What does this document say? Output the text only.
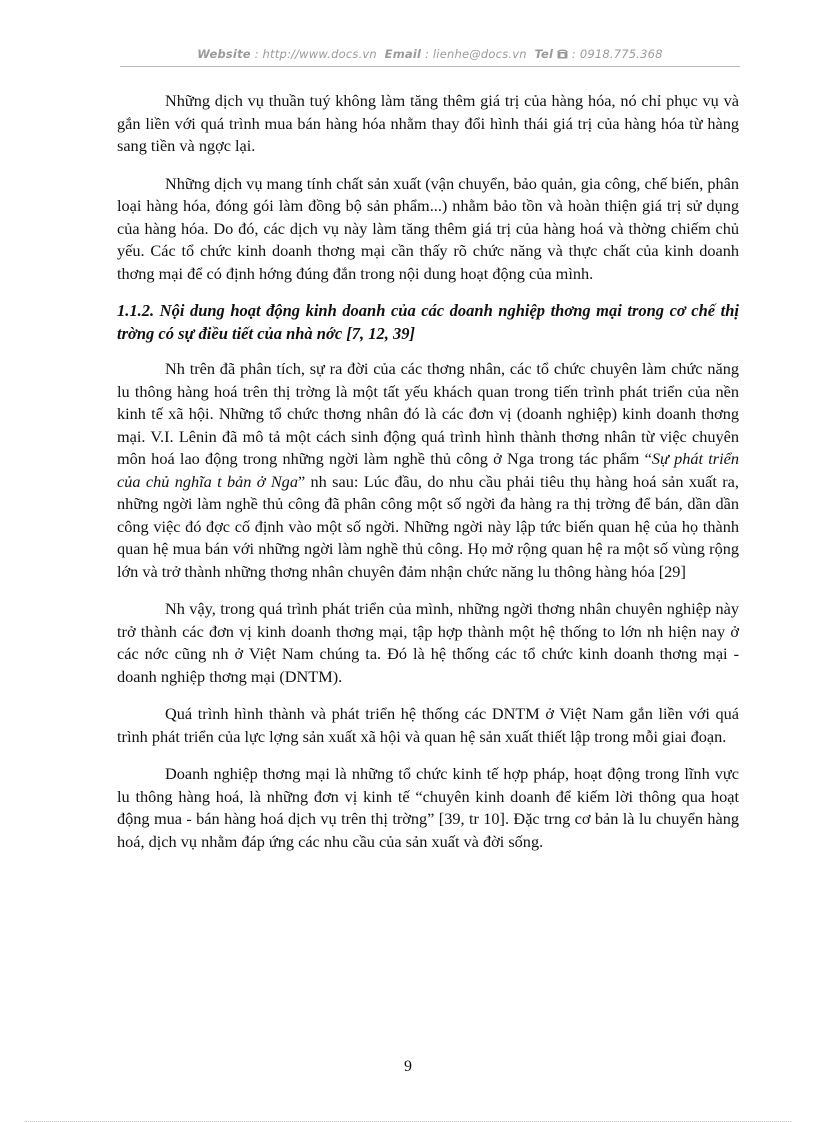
Website : http://www.docs.vn Email : lienhe@docs.vn Tel : 0918.775.368

Những dịch vụ thuần tuý không làm tăng thêm giá trị của hàng hóa, nó chỉ phục vụ và gắn liền với quá trình mua bán hàng hóa nhằm thay đổi hình thái giá trị của hàng hóa từ hàng sang tiền và ngợc lại.

Những dịch vụ mang tính chất sản xuất (vận chuyển, bảo quản, gia công, chế biến, phân loại hàng hóa, đóng gói làm đồng bộ sản phẩm...) nhằm bảo tồn và hoàn thiện giá trị sử dụng của hàng hóa. Do đó, các dịch vụ này làm tăng thêm giá trị của hàng hoá và thờng chiếm chủ yếu. Các tổ chức kinh doanh thơng mại cần thấy rõ chức năng và thực chất của kinh doanh thơng mại để có định hớng đúng đắn trong nội dung hoạt động của mình.

1.1.2. Nội dung hoạt động kinh doanh của các doanh nghiệp thơng mại trong cơ chế thị trờng có sự điều tiết của nhà nớc [7, 12, 39]

Nh trên đã phân tích, sự ra đời của các thơng nhân, các tổ chức chuyên làm chức năng lu thông hàng hoá trên thị trờng là một tất yếu khách quan trong tiến trình phát triển của nền kinh tế xã hội. Những tổ chức thơng nhân đó là các đơn vị (doanh nghiệp) kinh doanh thơng mại. V.I. Lênin đã mô tả một cách sinh động quá trình hình thành thơng nhân từ việc chuyên môn hoá lao động trong những ngời làm nghề thủ công ở Nga trong tác phẩm “Sự phát triển của chủ nghĩa t bản ở Nga” nh sau: Lúc đầu, do nhu cầu phải tiêu thụ hàng hoá sản xuất ra, những ngời làm nghề thủ công đã phân công một số ngời đa hàng ra thị trờng để bán, dần dần công việc đó đợc cố định vào một số ngời. Những ngời này lập tức biến quan hệ của họ thành quan hệ mua bán với những ngời làm nghề thủ công. Họ mở rộng quan hệ ra một số vùng rộng lớn và trở thành những thơng nhân chuyên đảm nhận chức năng lu thông hàng hóa [29]

Nh vậy, trong quá trình phát triển của mình, những ngời thơng nhân chuyên nghiệp này trở thành các đơn vị kinh doanh thơng mại, tập hợp thành một hệ thống to lớn nh hiện nay ở các nớc cũng nh ở Việt Nam chúng ta. Đó là hệ thống các tổ chức kinh doanh thơng mại - doanh nghiệp thơng mại (DNTM).

Quá trình hình thành và phát triển hệ thống các DNTM ở Việt Nam gắn liền với quá trình phát triển của lực lợng sản xuất xã hội và quan hệ sản xuất thiết lập trong mỗi giai đoạn.

Doanh nghiệp thơng mại là những tổ chức kinh tế hợp pháp, hoạt động trong lĩnh vực lu thông hàng hoá, là những đơn vị kinh tế “chuyên kinh doanh để kiếm lời thông qua hoạt động mua - bán hàng hoá dịch vụ trên thị trờng” [39, tr 10]. Đặc trng cơ bản là lu chuyển hàng hoá, dịch vụ nhằm đáp ứng các nhu cầu của sản xuất và đời sống.

9
